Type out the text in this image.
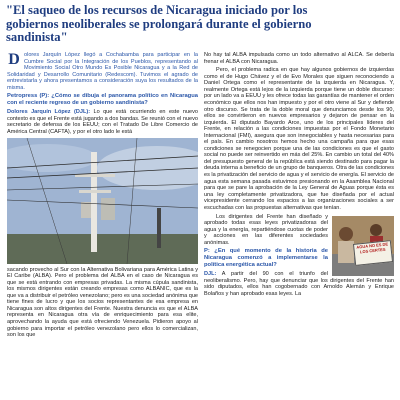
"El saqueo de los recursos de Nicaragua iniciado por los gobiernos neoliberales se prolongará durante el gobierno sandinista"

Dolores Jarquín López llegó a Cochabamba para participar en la Cumbre Social por la Integración de los Pueblos, representando al Movimiento Social Otro Mundo Es Posible Nicaragua y a la Red de Solidaridad y Desarrollo Comunitario (Redescom). Tuvimos el agrado de entrevistarla y ahora presentamos a consideración suya los resultados de la misma.

Petropress (P): ¿Cómo se dibuja el panorama político en Nicaragua con el reciente regreso de un gobierno sandinista?

Dolores Jarquín López (DJL): Lo que está ocurriendo en este nuevo contexto es que el Frente está jugando a dos bandas. Se reunió con el nuevo secretario de defensa de los EEUU; con el Tratado De Libre Comercio de América Central (CAFTA), y por el otro lado le está

sacando provecho al Sur con la Alternativa Bolivariana para América Latina y El Caribe (ALBA). Pero el problema del ALBA en el caso de Nicaragua es que se está entrando con empresas privadas. La misma cúpula sandinista, los mismos dirigentes están creando empresas como ALBANIC, que es la que va a distribuir el petróleo venezolano; pero es una sociedad anónima que tiene fines de lucro y que los socios representantes de esa empresa en Nicaragua son altos dirigentes del Frente. Nuestra denuncia es que el ALBA representa en Nicaragua otra vía de enriquecimiento para esa elite, aprovechando la ayuda que está ofreciendo Venezuela. Pidieron apoyo al gobierno para importar el petróleo venezolano pero ellos lo comercializan, son los que

No hay tal ALBA impulsada como un todo alternativo al ALCA. Se debería frenar el ALBA con Nicaragua.

Pero, el problema radica en que hay algunos gobiernos de izquierdas como el de Hugo Chávez y el de Evo Morales que siguen reconociendo a Daniel Ortega como el representante de la izquierda en Nicaragua. Y, realmente Ortega está lejos de la izquierda porque tiene un doble discurso: por un lado va a EEUU y les ofrece todas las garantías de mantener el orden económico que ellos nos han impuesto y por el otro viene al Sur y defiende otro discurso. Se trata de la doble moral que denunciamos desde los 90, ellos se convirtieron en nuevos empresarios y dejaron de pensar en la izquierda. El diputado Bayardo Arce, uno de los principales líderes del Frente, en relación a las condiciones impuestas por el Fondo Monetario Internacional (FMI), asegura que son innegociables y hasta necesarias para el país. En cambio nosotros hemos hecho una campaña para que esas condiciones se renegocien porque una de las condiciones es que el gasto social no puede ser reinvertido en más del 25%. En cambio un total del 40% del presupuesto general de la república está siendo destinado para pagar la deuda interna a beneficio de un grupo de banqueros. Otra de las condiciones es la privatización del servicio de agua y el servicio de energía. El servicio de agua esta semana pasada estuvimos presionando en la Asamblea Nacional para que se pare la aprobación de la Ley General de Aguas porque ésta es una ley completamente privatizadora, que fue diseñada por el actual vicepresidente cerrando los espacios a las organizaciones sociales a ser escuchadas con las propuestas alternativas que tenían.

AGUA NO ES DE LOS CERTES

Los dirigentes del Frente han diseñado y aprobado todas esas leyes privatizadoras del agua y la energía, repartiéndose cuotas de poder y acciones en las diferentes sociedades anónimas.

P: ¿En qué momento de la historia de Nicaragua comenzó a implementarse la política energética actual?

DJL: A partir del 90 con el triunfo del neoliberalismo. Pero, hay que denunciar que los dirigentes del Frente han sido diputados, ellos han cogobernado con Arnoldo Alemán y Enrique Bolaños y han aprobado esas leyes. La
